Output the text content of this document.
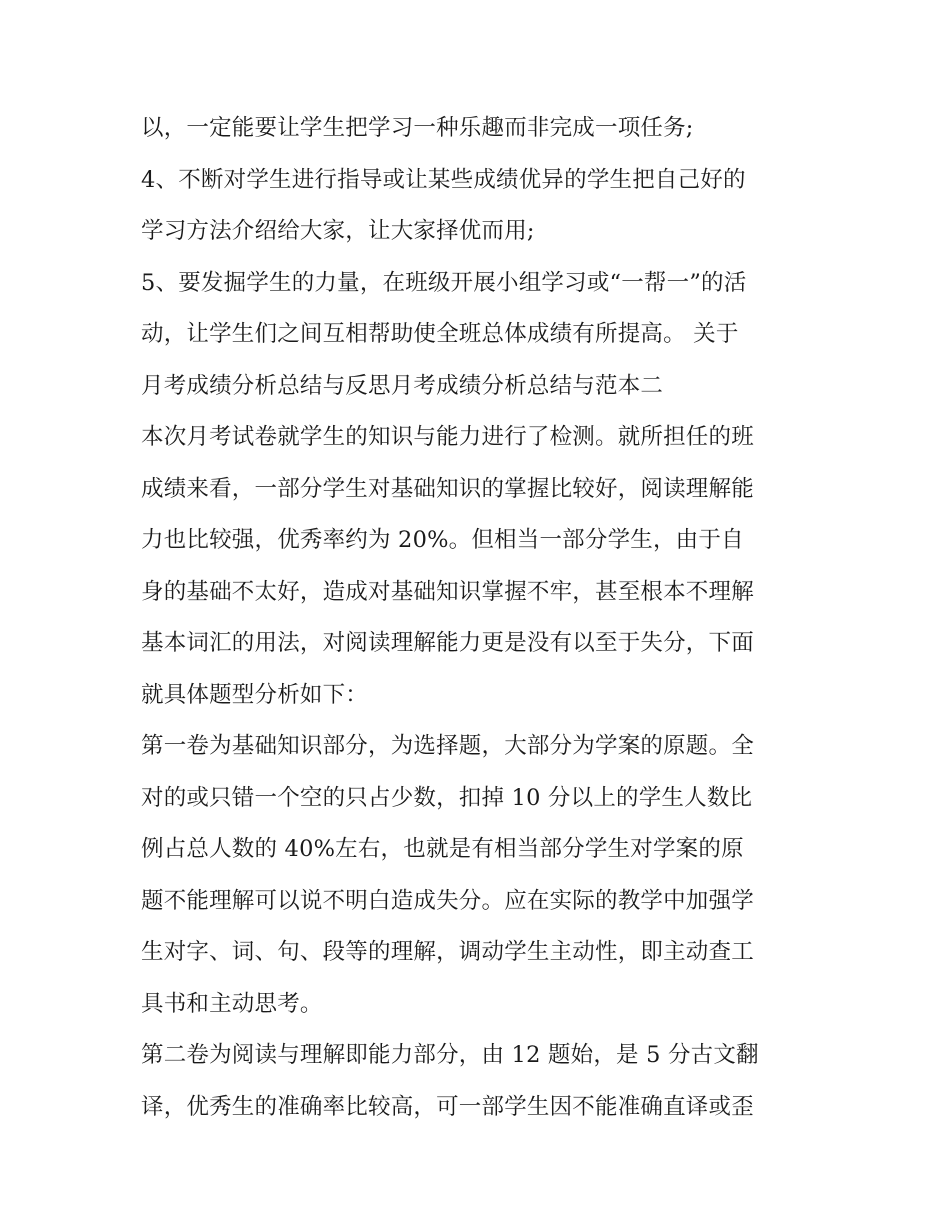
以，一定能要让学生把学习一种乐趣而非完成一项任务;
4、不断对学生进行指导或让某些成绩优异的学生把自己好的
学习方法介绍给大家，让大家择优而用;
5、要发掘学生的力量，在班级开展小组学习或“一帮一”的活
动，让学生们之间互相帮助使全班总体成绩有所提高。 关于
月考成绩分析总结与反思月考成绩分析总结与范本二
本次月考试卷就学生的知识与能力进行了检测。就所担任的班
成绩来看，一部分学生对基础知识的掌握比较好，阅读理解能
力也比较强，优秀率约为 20%。但相当一部分学生，由于自
身的基础不太好，造成对基础知识掌握不牢，甚至根本不理解
基本词汇的用法，对阅读理解能力更是没有以至于失分，下面
就具体题型分析如下：
第一卷为基础知识部分，为选择题，大部分为学案的原题。全
对的或只错一个空的只占少数，扣掉 10 分以上的学生人数比
例占总人数的 40%左右，也就是有相当部分学生对学案的原
题不能理解可以说不明白造成失分。应在实际的教学中加强学
生对字、词、句、段等的理解，调动学生主动性，即主动查工
具书和主动思考。
第二卷为阅读与理解即能力部分，由 12 题始，是 5 分古文翻
译，优秀生的准确率比较高，可一部学生因不能准确直译或歪
